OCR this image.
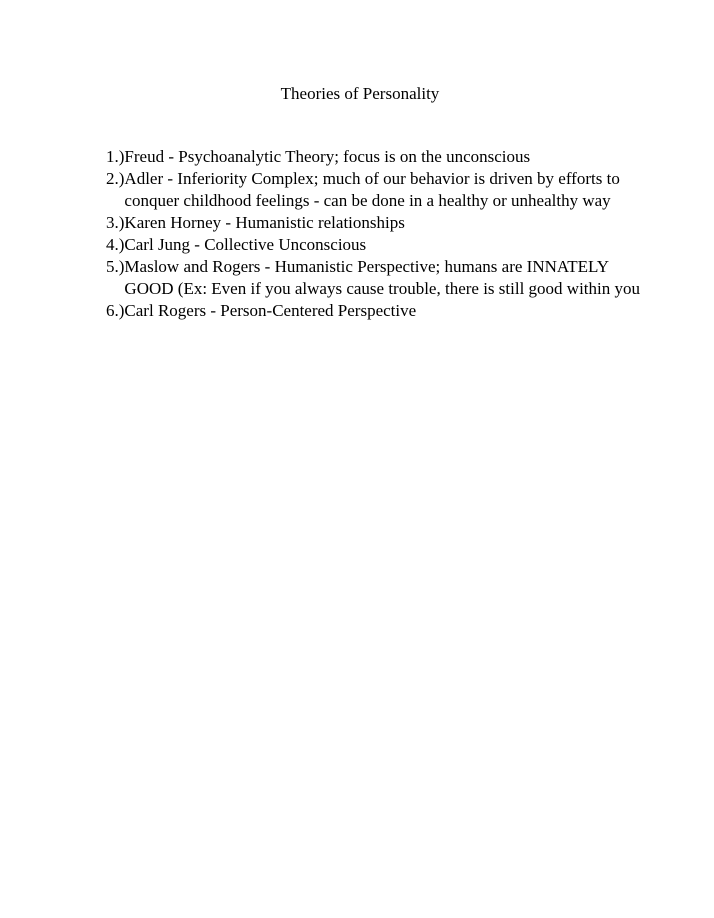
Theories of Personality
1.) Freud - Psychoanalytic Theory; focus is on the unconscious
2.) Adler - Inferiority Complex; much of our behavior is driven by efforts to conquer childhood feelings - can be done in a healthy or unhealthy way
3.) Karen Horney - Humanistic relationships
4.) Carl Jung - Collective Unconscious
5.) Maslow and Rogers - Humanistic Perspective; humans are INNATELY GOOD (Ex: Even if you always cause trouble, there is still good within you
6.) Carl Rogers - Person-Centered Perspective
